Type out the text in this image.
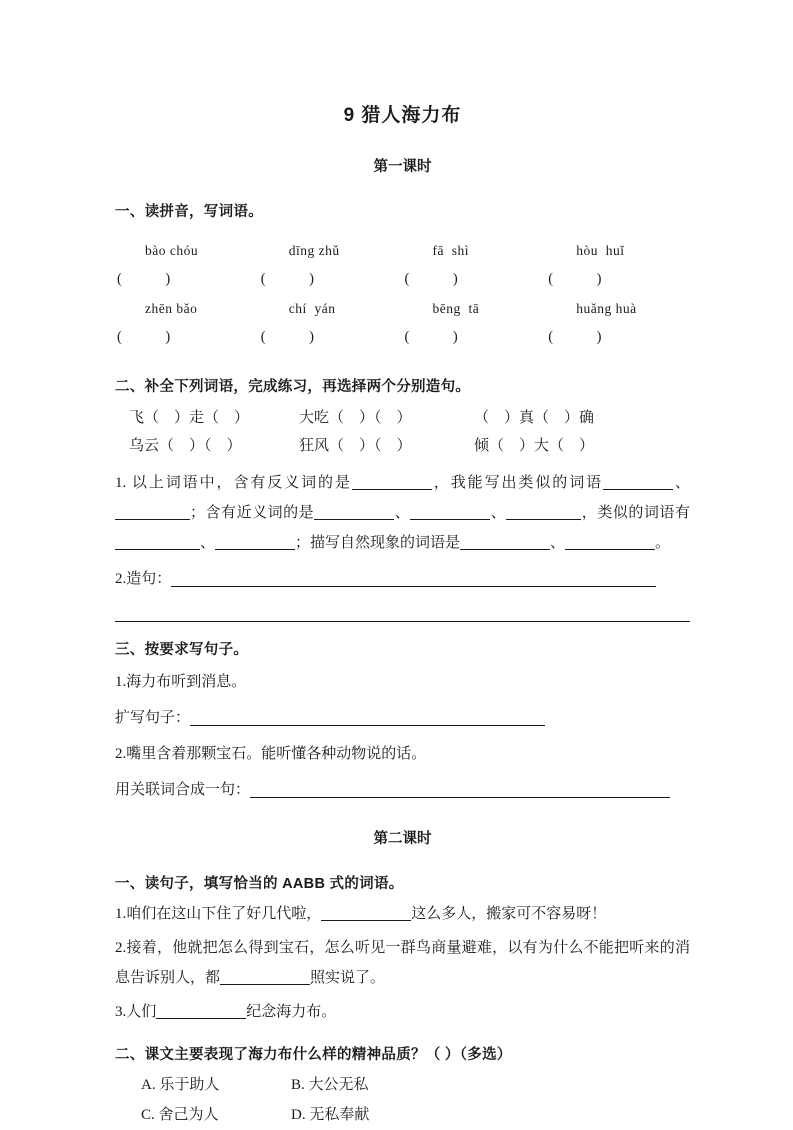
9 猎人海力布
第一课时
一、读拼音，写词语。
bào chóu	dīng zhǔ	fā  shì	hòu  huǐ
(            )	(            )	(            )	(            )
zhēn bǎo	chí  yán	bēng  tā	huǎng huà
(            )	(            )	(            )	(            )
二、补全下列词语，完成练习，再选择两个分别造句。
飞（    ）走（    ）	大吃（    ）（    ）	（    ）真（    ）确
乌云（    ）（    ）	狂风（    ）（    ）	倾（    ）大（    ）

1. 以上词语中，含有反义词的是	，我能写出类似的词语	、；含有近义词的是	、	、	，类似的词语有、	；描写自然现象的词语是	、	。

2.造句：

三、按要求写句子。

1.海力布听到消息。

扩写句子：

2.嘴里含着那颗宝石。能听懂各种动物说的话。

用关联词合成一句：

第二课时
一、读句子，填写恰当的 AABB 式的词语。

1.咱们在这山下住了好几代啦，	这么多人，搬家可不容易呀！

2.接着，他就把怎么得到宝石，怎么听见一群鸟商量避难，以有为什么不能把听来的消息告诉别人，都	照实说了。

3.人们	纪念海力布。

二、课文主要表现了海力布什么样的精神品质？（ ）（多选）
A. 乐于助人	B. 大公无私
C. 舍己为人	D. 无私奉献
